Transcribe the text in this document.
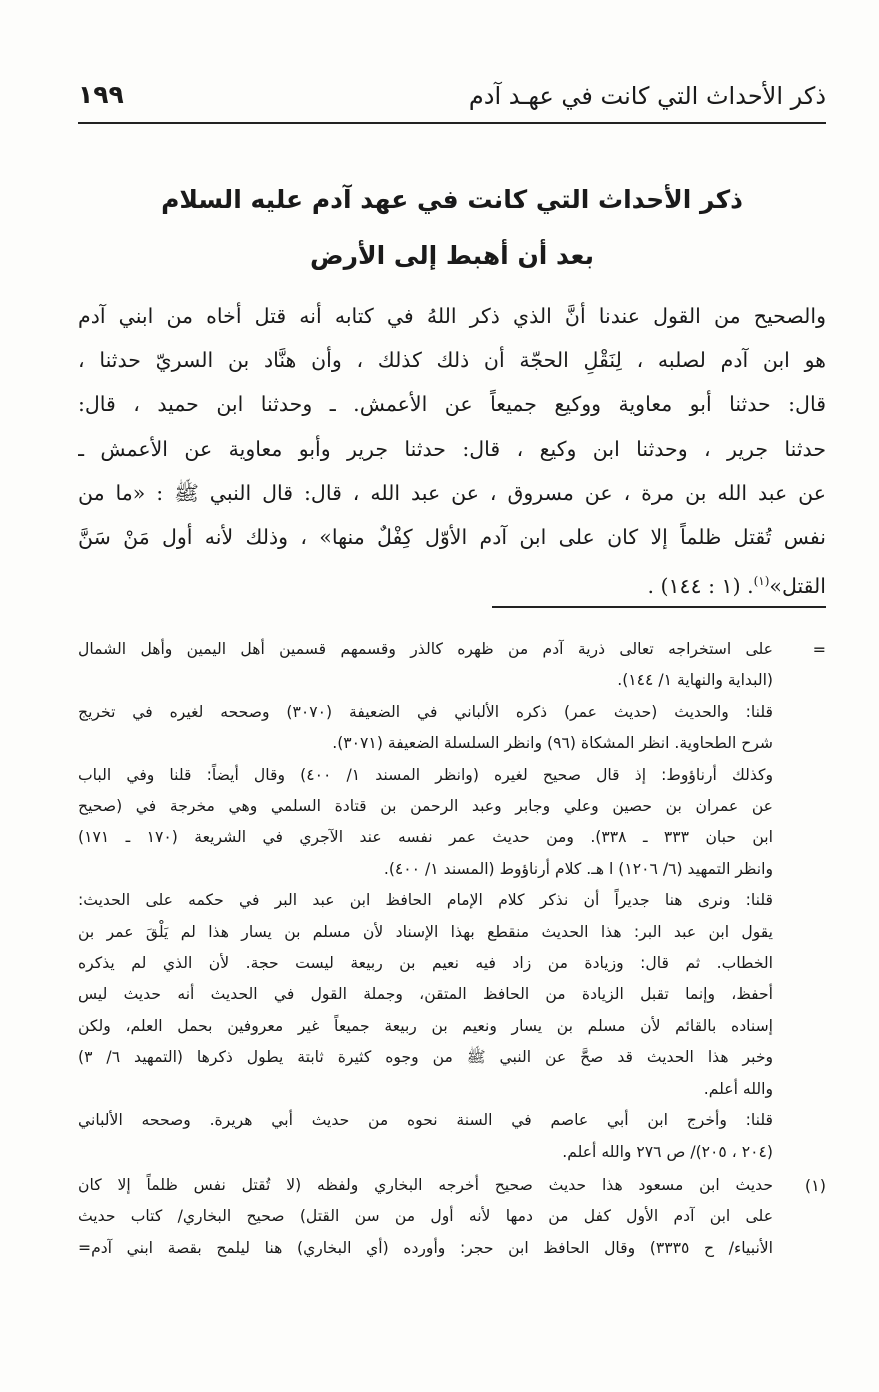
ذكر الأحداث التي كانت في عهـد آدم
١٩٩
ذكر الأحداث التي كانت في عهد آدم عليه السلام
بعد أن أهبط إلى الأرض
والصحيح من القول عندنا أنَّ الذي ذكر اللهُ في كتابه أنه قتل أخاه من ابني آدم
هو ابن آدم لصلبه ، لِنَقْلِ الحجّة أن ذلك كذلك ، وأن هنَّاد بن السريّ حدثنا ،
قال: حدثنا أبو معاوية ووكيع جميعاً عن الأعمش. ـ وحدثنا ابن حميد ، قال:
حدثنا جرير ، وحدثنا ابن وكيع ، قال: حدثنا جرير وأبو معاوية عن الأعمش ـ
عن عبد الله بن مرة ، عن مسروق ، عن عبد الله ، قال: قال النبي ﷺ : «ما من
نفس تُقتل ظلماً إلا كان على ابن آدم الأوّل كِفْلٌ منها» ، وذلك لأنه أول مَنْ سَنَّ
القتل»$^{(١)}$. (١ : ١٤٤) .
=
على استخراجه تعالى ذرية آدم من ظهره كالذر وقسمهم قسمين أهل اليمين وأهل الشمال
(البداية والنهاية ١/ ١٤٤).
قلنا: والحديث (حديث عمر) ذكره الألباني في الضعيفة (٣٠٧٠) وصححه لغيره في تخريج
شرح الطحاوية. انظر المشكاة (٩٦) وانظر السلسلة الضعيفة (٣٠٧١).
وكذلك أرناؤوط: إذ قال صحيح لغيره (وانظر المسند ١/ ٤٠٠) وقال أيضاً: قلنا وفي الباب
عن عمران بن حصين وعلي وجابر وعبد الرحمن بن قتادة السلمي وهي مخرجة في (صحيح
ابن حبان ٣٣٣ ـ ٣٣٨). ومن حديث عمر نفسه عند الآجري في الشريعة (١٧٠ ـ ١٧١)
وانظر التمهيد (٦/ ١٢٠٦) ا هـ. كلام أرناؤوط (المسند ١/ ٤٠٠).
قلنا: ونرى هنا جديراً أن نذكر كلام الإمام الحافظ ابن عبد البر في حكمه على الحديث:
يقول ابن عبد البر: هذا الحديث منقطع بهذا الإسناد لأن مسلم بن يسار هذا لم يَلْقَ عمر بن
الخطاب. ثم قال: وزيادة من زاد فيه نعيم بن ربيعة ليست حجة. لأن الذي لم يذكره
أحفظ، وإنما تقبل الزيادة من الحافظ المتقن، وجملة القول في الحديث أنه حديث ليس
إسناده بالقائم لأن مسلم بن يسار ونعيم بن ربيعة جميعاً غير معروفين بحمل العلم، ولكن
وخبر هذا الحديث قد صحَّ عن النبي ﷺ من وجوه كثيرة ثابتة يطول ذكرها (التمهيد ٦/ ٣)
والله أعلم.
قلنا: وأخرج ابن أبي عاصم في السنة نحوه من حديث أبي هريرة. وصححه الألباني
(٢٠٤ ، ٢٠٥)/ ص ٢٧٦ والله أعلم.
(١)
حديث ابن مسعود هذا حديث صحيح أخرجه البخاري ولفظه (لا تُقتل نفس ظلماً إلا كان
على ابن آدم الأول كفل من دمها لأنه أول من سن القتل) صحيح البخاري/ كتاب حديث
الأنبياء/ ح ٣٣٣٥) وقال الحافظ ابن حجر: وأورده (أي البخاري) هنا ليلمح بقصة ابني آدم=
